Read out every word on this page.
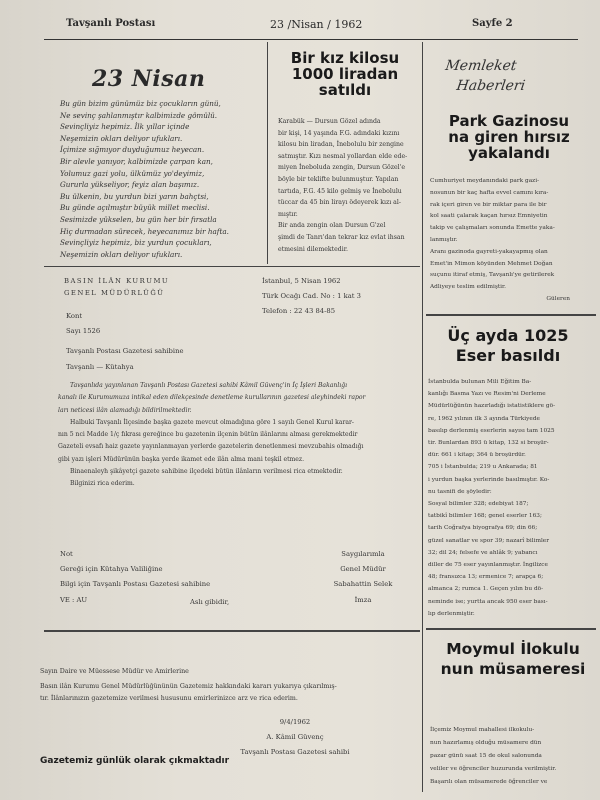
Tavşanlı Postası	23 /Nisan / 1962	Sayfe 2
23 Nisan
Bu gün bizim günümüz biz çocukların günü,
Ne sevinç şahlanmıştır kalbimizde gömülü.
Sevinçliyiz hepimiz. İlk yıllar içinde
Neşemizin okları deliyor ufukları.
İçimize sığmıyor duyduğumuz heyecan.
Bir alevle yanıyor, kalbimizde çarpan kan,
Yolumuz gazi yolu, ülkümüz yo'deyimiz,
Gururla yükseliyor, feyiz alan başımız.
Bu ülkenin, bu yurdun bizi yarın bahçtsi,
Bu günde açılmıştır büyük millet meclisi.
Sesimizde yükselen, bu gün her bir fırsatla
Hiç durmadan sürecek, heyecanımız bir hafta.
Sevinçliyiz hepimiz, biz yurdun çocukları,
Neşemizin okları deliyor ufukları.
Bir kız kilosu
1000 liradan
satıldı
Karabük — Dursun Gözel adında
bir kişi, 14 yaşında F.G. adındaki kızını
kilosu bin liradan, İnebolulu bir zengine
satmıştır. Kızı nesmal yollardan elde ede-
miyen İneboluda zengin, Dursun Gözel'e
böyle bir teklifte bulunmuştur. Yapılan
tartıda, F.G. 45 kilo gelmiş ve İnebolulu
tüccar da 45 bin lirayı ödeyerek kızı al-
mıştır.
Bir anda zengin olan Dursun G'zel
şimdi de Tanrı'dan tekrar kız evlat ihsan
etmesini dilemektedir.
Memleket
Haberleri
Park Gazinosu
na giren hırsız
yakalandı
Cumhuriyet meydanındaki park gazi-
nosunun bir kaç hafta evvel camını kıra-
rak içeri giren ve bir miktar para ile bir
kol saati çalarak kaçan hırsız Emniyetin
takip ve çalışmaları sonunda Emette yaka-
lanmıştır.
Aranı gazinoda gayreti-yakayapmış olan
Emet'in Mimon köyünden Mehmet Doğan
suçunu itiraf etmiş, Tavşanlı'ye getirilerek
Adliyeye teslim edilmiştir.
Güleren
Üç ayda 1025
Eser basıldı
İstanbulda bulunan Mili Eğitim Ba-
kanlığı Basma Yazı ve Resim'ni Derleme
Müdürlüğünün hazırladığı istatistiklere gö-
re, 1962 yılının ilk 3 ayında Türkiyede
basılıp derlenmiş eserlerin sayısı tam 1025
tir. Bunlardan 893 ü kitap, 132 si broşür-
dür. 661 i kitap; 364 ü broşürdür.
705 i İstanbulda; 219 u Ankarada; 81
i yurdun başka yerlerinde basılmıştır. Ko-
nu tasnifi de şöyledir:
Sosyal bilimler 328; edebiyat 187;
tatbikî bilimler 168; genel eserler 163;
tarih Coğrafya biyografya 69; din 66;
güzel sanatlar ve spor 39; nazarî bilimler
32; dil 24; felsefe ve ahlâk 9; yabancı
diller de 75 eser yayınlanmıştır. İngilizce
48; fransızca 13; ermenice 7; arapça 6;
almanca 2; rumca 1. Geçen yılın bu dö-
neminde ise; yurtta ancak 950 eser bası-
lıp derlenmiştir.
Moymul İlokulu
nun müsameresi
İlçemiz Moymul mahallesi ilkokulu-
nun hazırlamış olduğu müsamere dün
pazar günü saat 15 de okul salonunda
veliler ve öğrenciler huzurunda verilmiştir.
Başarılı olan müsamerede öğrenciler ve
BASIN İLÂN KURUMU
GENEL MÜDÜRLÜĞÜ
İstanbul, 5 Nisan 1962
Türk Ocağı Cad. No : 1 kat 3
Telefon : 22 43 84-85
Kont
Sayı 1526
Tavşanlı Postası Gazetesi sahibine
Tavşanlı — Kütahya
Tavşanlıda yayınlanan Tavşanlı Postası Gazetesi sahibi Kâmil Güvenç'in İç İşleri Bakanlığı
kanalı ile Kurumumuza intikal eden dilekçesinde denetleme kurullarının gazetesi aleyhindeki rapor
ları neticesi ilân alamadığı bildirilmektedir.
Halbuki Tavşanlı İlçesinde başka gazete mevcut olmadığına göre 1 sayılı Genel Kurul karar-
nın 5 nci Madde 1/ç fıkrası gereğince bu gazetenin ilçenin bütün ilânlarını alması gerekmektedir
Gazeteli evsafı haiz gazete yayınlanmayan yerlerde gazetelerin denetlenmesi mevzubahis olmadığı
gibi yazı işleri Müdürünün başka yerde ikamet ede ilân alma mani teşkil etmez.
Binaenaleyh şikâyetçi gazete sahibine ilçedeki bütün ilânların verilmesi rica etmektedir.
Bilginizi rica ederim.
Not
Gereği için Kütahya Valiliğine
Bilgi için Tavşanlı Postası Gazetesi sahibine
VE : AU	Aslı gibidir,
Saygılarımla
Genel Müdür
Sabahattin Selek
İmza
Sayın Daire ve Müessese Müdür ve Amirlerine
Basın ilân Kurumu Genel Müdürlüğününün Gazetemiz hakkındaki kararı yukarıya çıkarılmış-
tır. İlânlarınızın gazetemize verilmesi hususunu emirlerinizce arz ve rica ederim.
9/4/1962
A. Kâmil Güvenç
Tavşanlı Postası Gazetesi sahibi
Gazetemiz günlük olarak çıkmaktadır
